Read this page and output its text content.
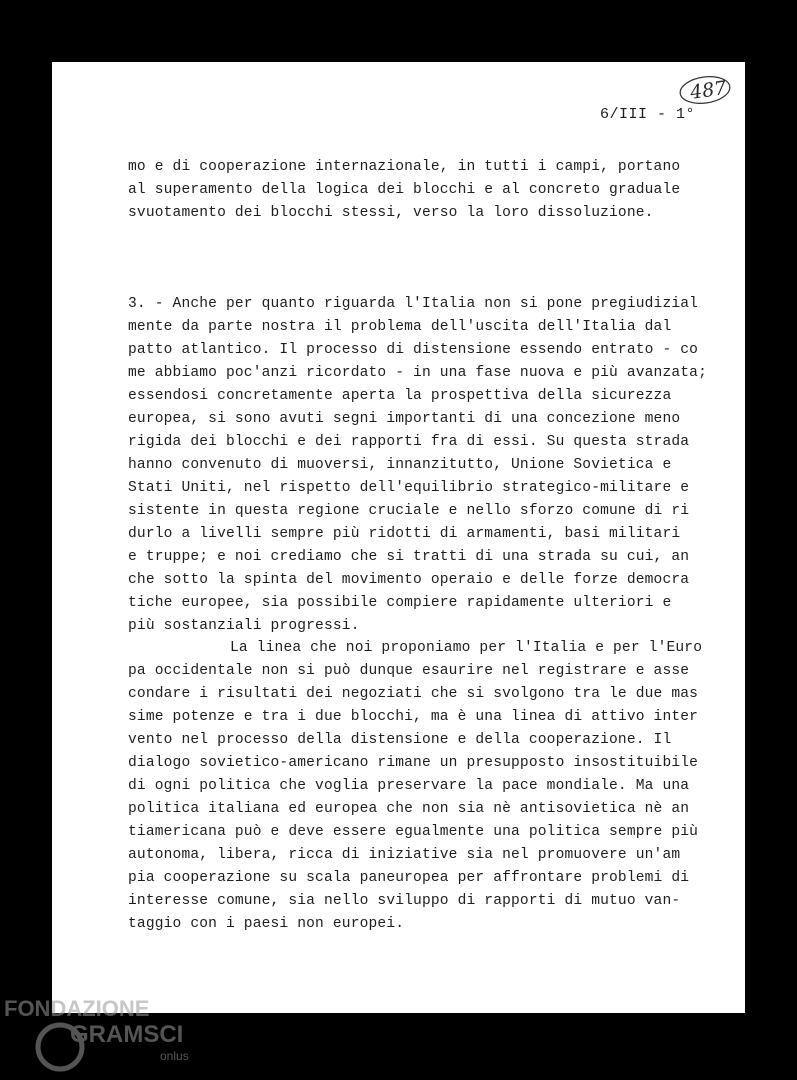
487
6/III - 1°
mo e di cooperazione internazionale, in tutti i campi, portano
al superamento della logica dei blocchi e al concreto graduale
svuotamento dei blocchi stessi, verso la loro dissoluzione.
3. - Anche per quanto riguarda l'Italia non si pone pregiudizial
mente da parte nostra il problema dell'uscita dell'Italia dal
patto atlantico. Il processo di distensione essendo entrato - co
me abbiamo poc'anzi ricordato - in una fase nuova e più avanzata;
essendosi concretamente aperta la prospettiva della sicurezza
europea, si sono avuti segni importanti di una concezione meno
rigida dei blocchi e dei rapporti fra di essi. Su questa strada
hanno convenuto di muoversi, innanzitutto, Unione Sovietica e
Stati Uniti, nel rispetto dell'equilibrio strategico-militare e
sistente in questa regione cruciale e nello sforzo comune di ri
durlo a livelli sempre più ridotti di armamenti, basi militari
e truppe; e noi crediamo che si tratti di una strada su cui, an
che sotto la spinta del movimento operaio e delle forze democra
tiche europee, sia possibile compiere rapidamente ulteriori e
più sostanziali progressi.
La linea che noi proponiamo per l'Italia e per l'Euro
pa occidentale non si può dunque esaurire nel registrare e asse
condare i risultati dei negoziati che si svolgono tra le due mas
sime potenze e tra i due blocchi, ma è una linea di attivo inter
vento nel processo della distensione e della cooperazione. Il
dialogo sovietico-americano rimane un presupposto insostituibile
di ogni politica che voglia preservare la pace mondiale. Ma una
politica italiana ed europea che non sia nè antisovietica nè an
tiamericana può e deve essere egualmente una politica sempre più
autonoma, libera, ricca di iniziative sia nel promuovere un'am
pia cooperazione su scala paneuropea per affrontare problemi di
interesse comune, sia nello sviluppo di rapporti di mutuo van-
taggio con i paesi non europei.
FONDAZIONE
GRAMSCI
onlus
